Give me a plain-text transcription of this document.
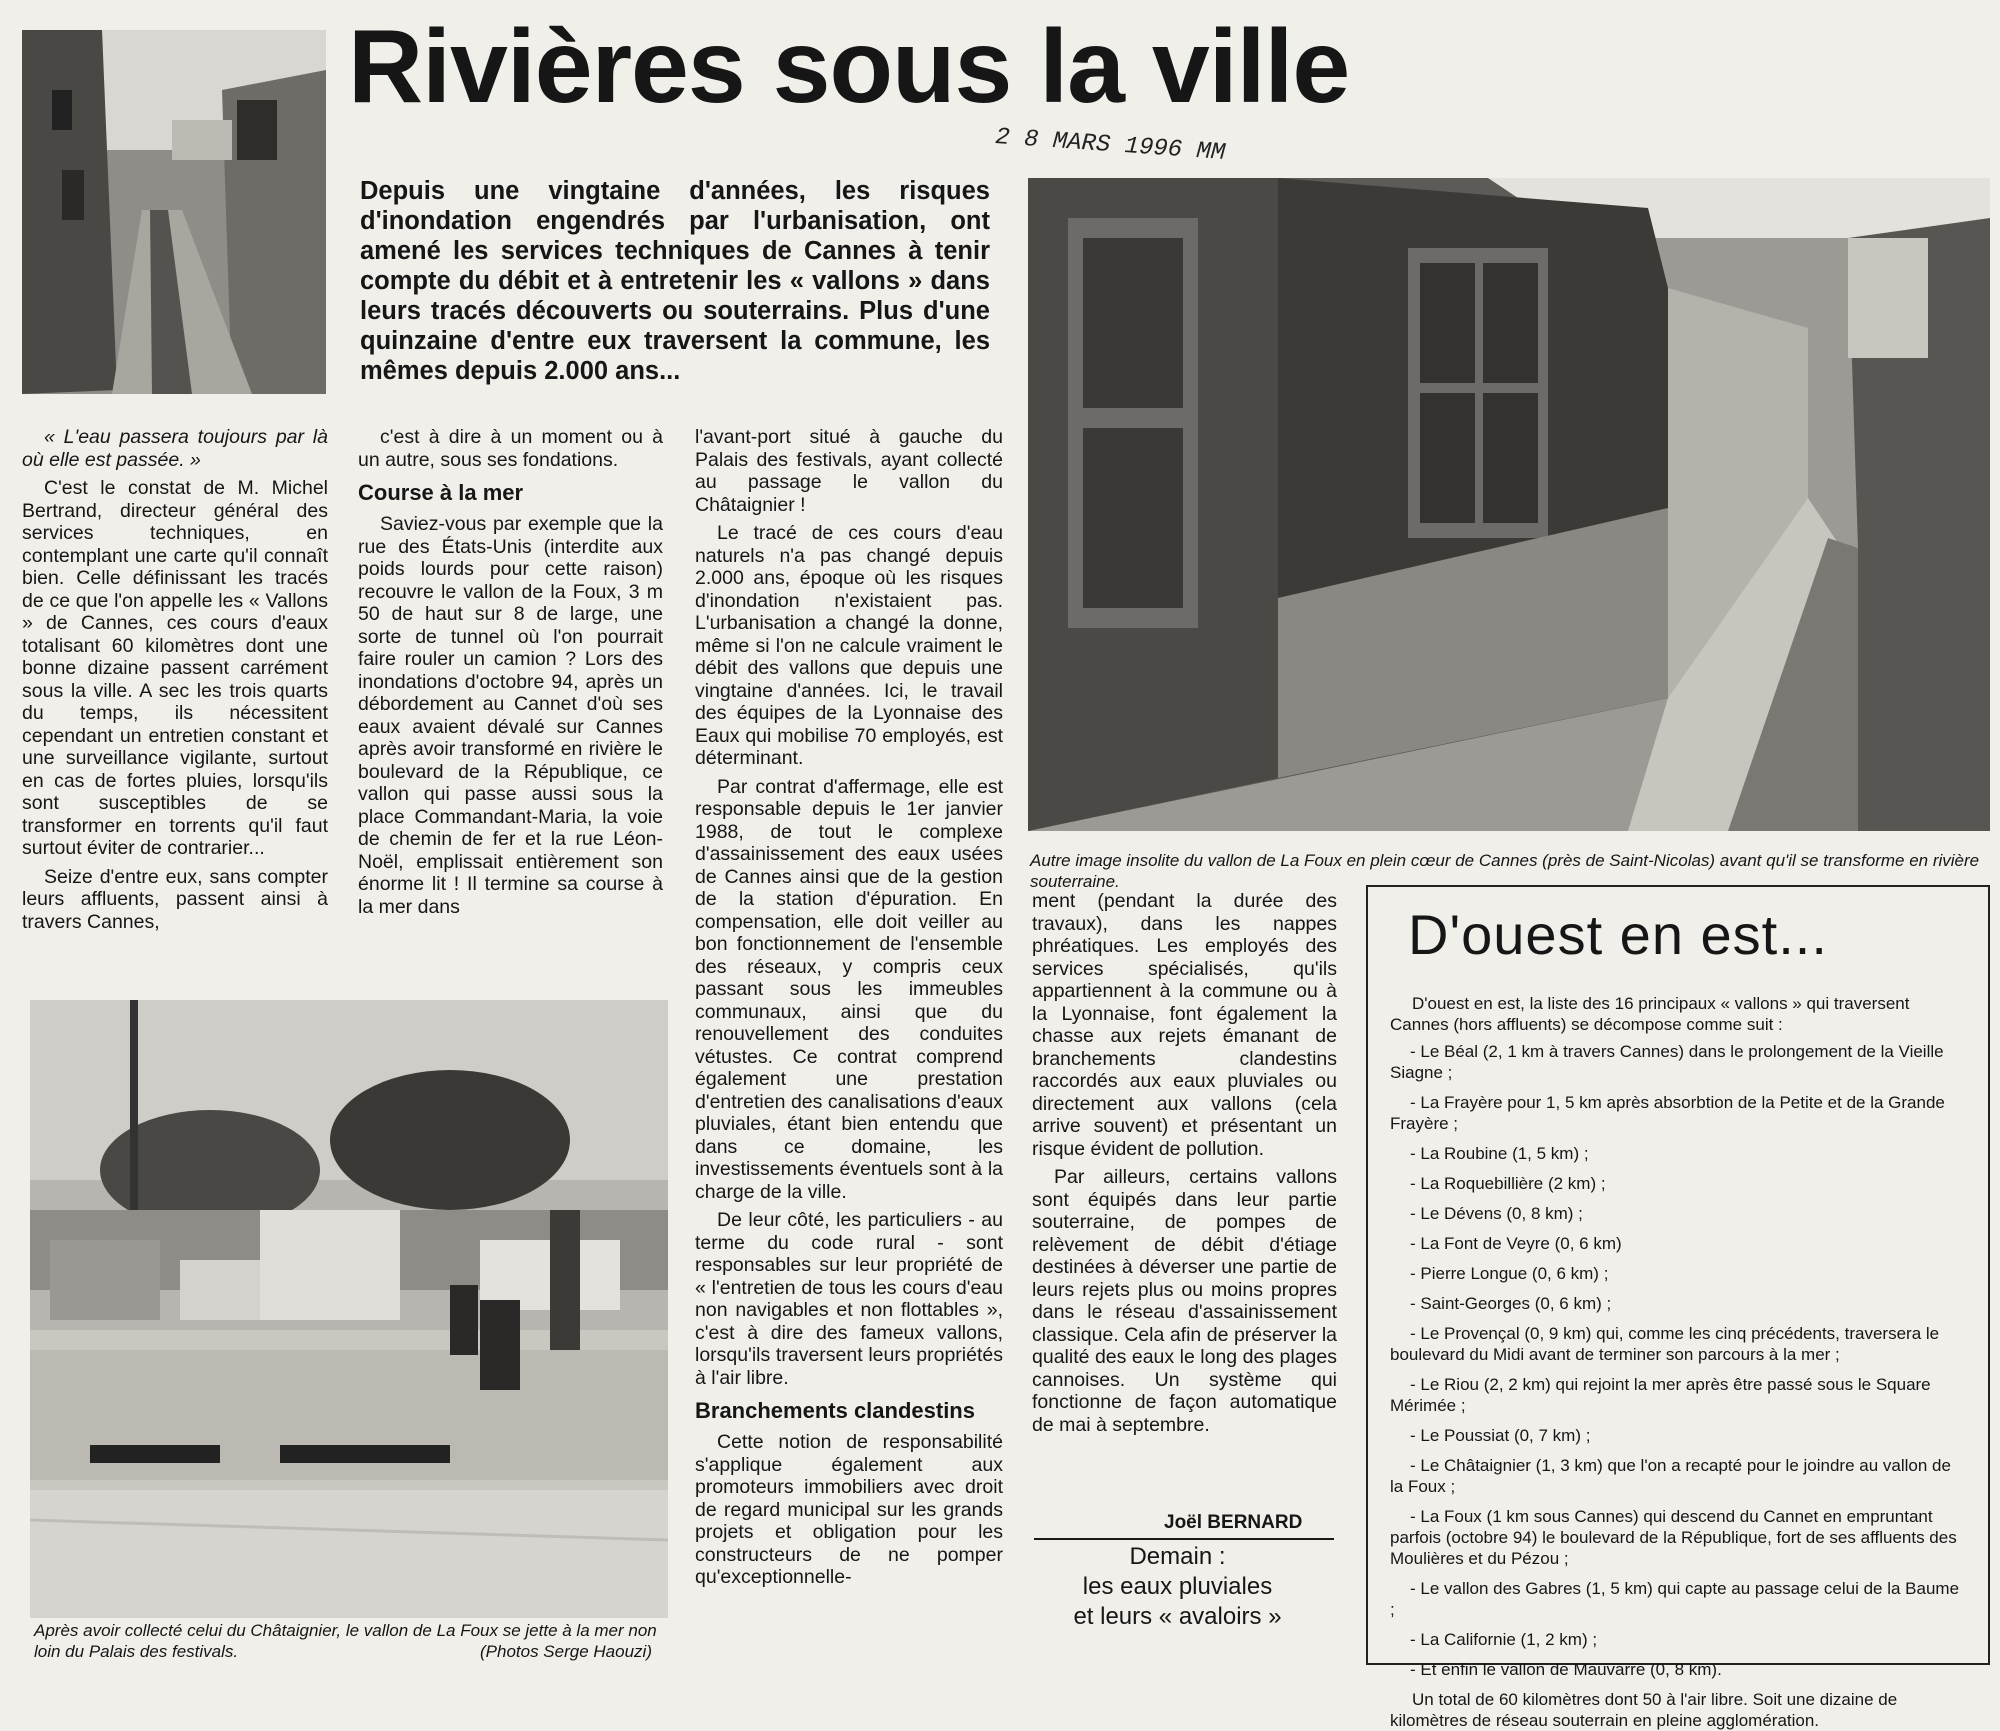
Rivières sous la ville
2 8 MARS 1996 MM
Depuis une vingtaine d'années, les risques d'inondation engendrés par l'urbanisation, ont amené les services techniques de Cannes à tenir compte du débit et à entretenir les « vallons » dans leurs tracés découverts ou souterrains. Plus d'une quinzaine d'entre eux traversent la commune, les mêmes depuis 2.000 ans...
Autre image insolite du vallon de La Foux en plein cœur de Cannes (près de Saint-Nicolas) avant qu'il se transforme en rivière souterraine.

« L'eau passera toujours par là où elle est passée. »

C'est le constat de M. Michel Bertrand, directeur général des services techniques, en contemplant une carte qu'il connaît bien. Celle définissant les tracés de ce que l'on appelle les « Vallons » de Cannes, ces cours d'eaux totalisant 60 kilomètres dont une bonne dizaine passent carrément sous la ville. A sec les trois quarts du temps, ils nécessitent cependant un entretien constant et une surveillance vigilante, surtout en cas de fortes pluies, lorsqu'ils sont susceptibles de se transformer en torrents qu'il faut surtout éviter de contrarier...

Seize d'entre eux, sans compter leurs affluents, passent ainsi à travers Cannes,

c'est à dire à un moment ou à un autre, sous ses fondations.

Course à la mer

Saviez-vous par exemple que la rue des États-Unis (interdite aux poids lourds pour cette raison) recouvre le vallon de la Foux, 3 m 50 de haut sur 8 de large, une sorte de tunnel où l'on pourrait faire rouler un camion ? Lors des inondations d'octobre 94, après un débordement au Cannet d'où ses eaux avaient dévalé sur Cannes après avoir transformé en rivière le boulevard de la République, ce vallon qui passe aussi sous la place Commandant-Maria, la voie de chemin de fer et la rue Léon-Noël, emplissait entièrement son énorme lit ! Il termine sa course à la mer dans

Après avoir collecté celui du Châtaignier, le vallon de La Foux se jette à la mer non loin du Palais des festivals.	(Photos Serge Haouzi)

l'avant-port situé à gauche du Palais des festivals, ayant collecté au passage le vallon du Châtaignier !

Le tracé de ces cours d'eau naturels n'a pas changé depuis 2.000 ans, époque où les risques d'inondation n'existaient pas. L'urbanisation a changé la donne, même si l'on ne calcule vraiment le débit des vallons que depuis une vingtaine d'années. Ici, le travail des équipes de la Lyonnaise des Eaux qui mobilise 70 employés, est déterminant.

Par contrat d'affermage, elle est responsable depuis le 1er janvier 1988, de tout le complexe d'assainissement des eaux usées de Cannes ainsi que de la gestion de la station d'épuration. En compensation, elle doit veiller au bon fonctionnement de l'ensemble des réseaux, y compris ceux passant sous les immeubles communaux, ainsi que du renouvellement des conduites vétustes. Ce contrat comprend également une prestation d'entretien des canalisations d'eaux pluviales, étant bien entendu que dans ce domaine, les investissements éventuels sont à la charge de la ville.

De leur côté, les particuliers - au terme du code rural - sont responsables sur leur propriété de « l'entretien de tous les cours d'eau non navigables et non flottables », c'est à dire des fameux vallons, lorsqu'ils traversent leurs propriétés à l'air libre.

Branchements clandestins

Cette notion de responsabilité s'applique également aux promoteurs immobiliers avec droit de regard municipal sur les grands projets et obligation pour les constructeurs de ne pomper qu'exceptionnelle-

ment (pendant la durée des travaux), dans les nappes phréatiques. Les employés des services spécialisés, qu'ils appartiennent à la commune ou à la Lyonnaise, font également la chasse aux rejets émanant de branchements clandestins raccordés aux eaux pluviales ou directement aux vallons (cela arrive souvent) et présentant un risque évident de pollution.

Par ailleurs, certains vallons sont équipés dans leur partie souterraine, de pompes de relèvement de débit d'étiage destinées à déverser une partie de leurs rejets plus ou moins propres dans le réseau d'assainissement classique. Cela afin de préserver la qualité des eaux le long des plages cannoises. Un système qui fonctionne de façon automatique de mai à septembre.

Joël BERNARD
Demain :
les eaux pluviales
et leurs « avaloirs »
D'ouest en est...

D'ouest en est, la liste des 16 principaux « vallons » qui traversent Cannes (hors affluents) se décompose comme suit :

- Le Béal (2, 1 km à travers Cannes) dans le prolongement de la Vieille Siagne ;
- La Frayère pour 1, 5 km après absorbtion de la Petite et de la Grande Frayère ;
- La Roubine (1, 5 km) ;
- La Roquebillière (2 km) ;
- Le Dévens (0, 8 km) ;
- La Font de Veyre (0, 6 km)
- Pierre Longue (0, 6 km) ;
- Saint-Georges (0, 6 km) ;
- Le Provençal (0, 9 km) qui, comme les cinq précédents, traversera le boulevard du Midi avant de terminer son parcours à la mer ;
- Le Riou (2, 2 km) qui rejoint la mer après être passé sous le Square Mérimée ;
- Le Poussiat (0, 7 km) ;
- Le Châtaignier (1, 3 km) que l'on a recapté pour le joindre au vallon de la Foux ;
- La Foux (1 km sous Cannes) qui descend du Cannet en empruntant parfois (octobre 94) le boulevard de la République, fort de ses affluents des Moulières et du Pézou ;
- Le vallon des Gabres (1, 5 km) qui capte au passage celui de la Baume ;
- La Californie (1, 2 km) ;
- Et enfin le vallon de Mauvarre (0, 8 km).

Un total de 60 kilomètres dont 50 à l'air libre. Soit une dizaine de kilomètres de réseau souterrain en pleine agglomération.
